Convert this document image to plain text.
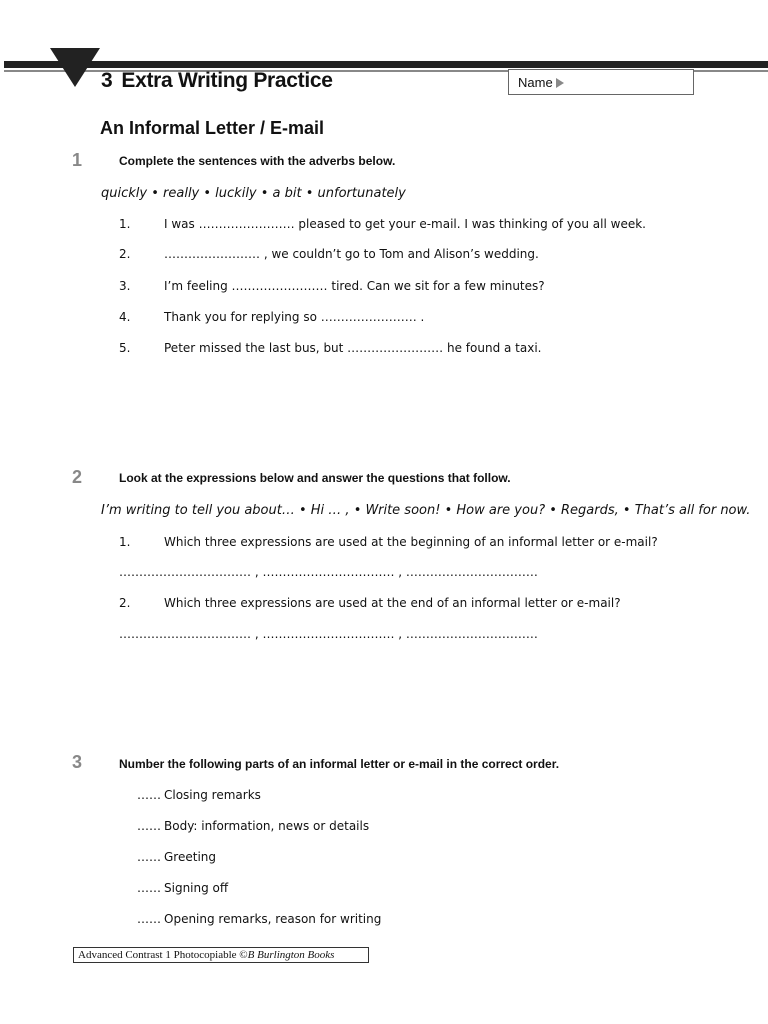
3 Extra Writing Practice	Name
An Informal Letter / E-mail
1	Complete the sentences with the adverbs below.
quickly • really • luckily • a bit • unfortunately
1.	I was …………………… pleased to get your e-mail. I was thinking of you all week.
2.	…………………… , we couldn’t go to Tom and Alison’s wedding.
3.	I’m feeling …………………… tired. Can we sit for a few minutes?
4.	Thank you for replying so …………………… .
5.	Peter missed the last bus, but …………………… he found a taxi.
2	Look at the expressions below and answer the questions that follow.
I’m writing to tell you about… • Hi … , • Write soon! • How are you? • Regards, • That’s all for now.
1.	Which three expressions are used at the beginning of an informal letter or e-mail?
…………………………… , …………………………… , ……………………………
2.	Which three expressions are used at the end of an informal letter or e-mail?
…………………………… , …………………………… , ……………………………
3	Number the following parts of an informal letter or e-mail in the correct order.
…… Closing remarks
…… Body: information, news or details
…… Greeting
…… Signing off
…… Opening remarks, reason for writing
Advanced Contrast 1 Photocopiable ©B Burlington Books
